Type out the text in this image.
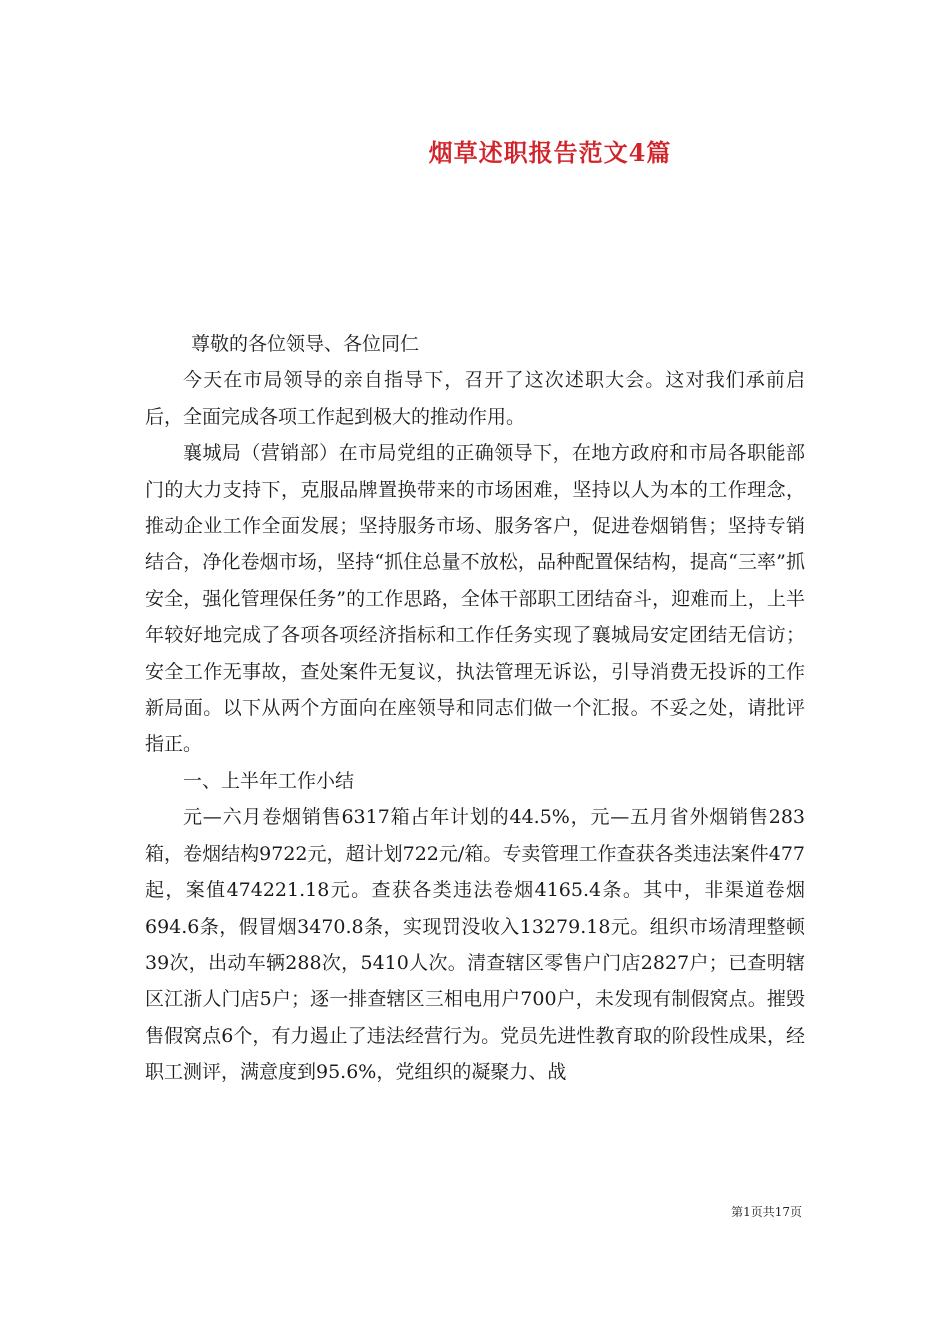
烟草述职报告范文4篇

尊敬的各位领导、各位同仁

今天在市局领导的亲自指导下，召开了这次述职大会。这对我们承前启后，全面完成各项工作起到极大的推动作用。

襄城局（营销部）在市局党组的正确领导下，在地方政府和市局各职能部门的大力支持下，克服品牌置换带来的市场困难，坚持以人为本的工作理念，推动企业工作全面发展；坚持服务市场、服务客户，促进卷烟销售；坚持专销结合，净化卷烟市场，坚持“抓住总量不放松，品种配置保结构，提高“三率”抓安全，强化管理保任务”的工作思路，全体干部职工团结奋斗，迎难而上，上半年较好地完成了各项各项经济指标和工作任务实现了襄城局安定团结无信访；安全工作无事故，查处案件无复议，执法管理无诉讼，引导消费无投诉的工作新局面。以下从两个方面向在座领导和同志们做一个汇报。不妥之处，请批评指正。

一、上半年工作小结

元—六月卷烟销售6317箱占年计划的44.5%，元—五月省外烟销售283箱，卷烟结构9722元，超计划722元/箱。专卖管理工作查获各类违法案件477起，案值474221.18元。查获各类违法卷烟4165.4条。其中，非渠道卷烟694.6条，假冒烟3470.8条，实现罚没收入13279.18元。组织市场清理整顿39次，出动车辆288次，5410人次。清查辖区零售户门店2827户；已查明辖区江浙人门店5户；逐一排查辖区三相电用户700户，未发现有制假窝点。摧毁售假窝点6个，有力遏止了违法经营行为。党员先进性教育取的阶段性成果，经职工测评，满意度到95.6%，党组织的凝聚力、战

第1页共17页
